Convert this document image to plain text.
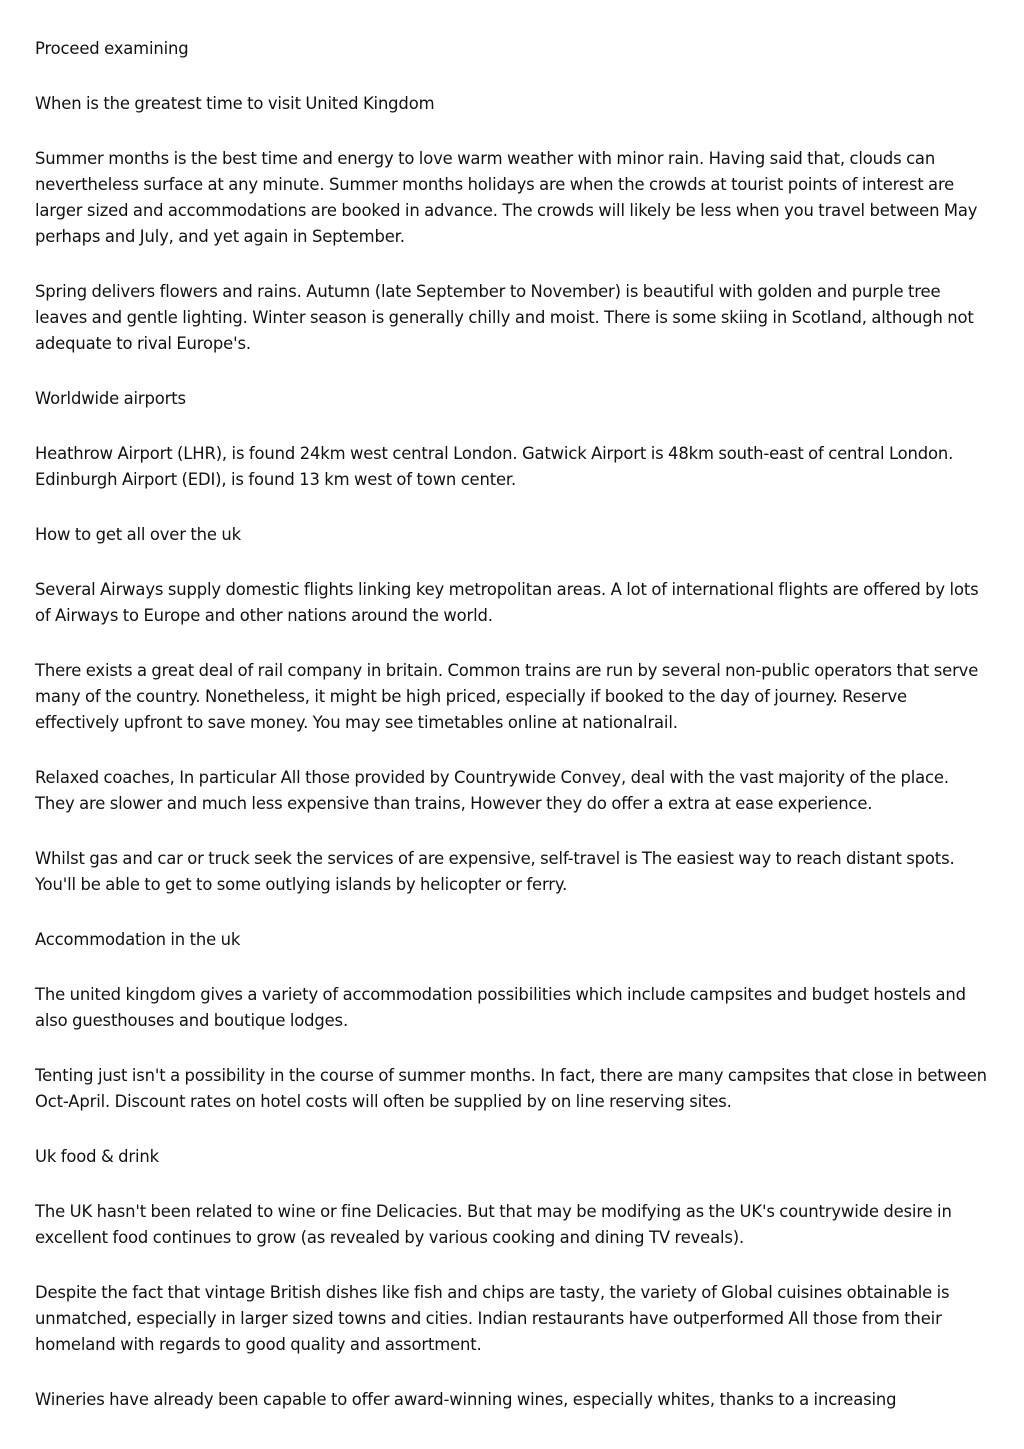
Proceed examining

When is the greatest time to visit United Kingdom

Summer months is the best time and energy to love warm weather with minor rain. Having said that, clouds can nevertheless surface at any minute. Summer months holidays are when the crowds at tourist points of interest are larger sized and accommodations are booked in advance. The crowds will likely be less when you travel between May perhaps and July, and yet again in September.

Spring delivers flowers and rains. Autumn (late September to November) is beautiful with golden and purple tree leaves and gentle lighting. Winter season is generally chilly and moist. There is some skiing in Scotland, although not adequate to rival Europe's.

Worldwide airports

Heathrow Airport (LHR), is found 24km west central London. Gatwick Airport is 48km south-east of central London. Edinburgh Airport (EDI), is found 13 km west of town center.

How to get all over the uk

Several Airways supply domestic flights linking key metropolitan areas. A lot of international flights are offered by lots of Airways to Europe and other nations around the world.

There exists a great deal of rail company in britain. Common trains are run by several non-public operators that serve many of the country. Nonetheless, it might be high priced, especially if booked to the day of journey. Reserve effectively upfront to save money. You may see timetables online at nationalrail.

Relaxed coaches, In particular All those provided by Countrywide Convey, deal with the vast majority of the place. They are slower and much less expensive than trains, However they do offer a extra at ease experience.

Whilst gas and car or truck seek the services of are expensive, self-travel is The easiest way to reach distant spots. You'll be able to get to some outlying islands by helicopter or ferry.

Accommodation in the uk

The united kingdom gives a variety of accommodation possibilities which include campsites and budget hostels and also guesthouses and boutique lodges.

Tenting just isn't a possibility in the course of summer months. In fact, there are many campsites that close in between Oct-April. Discount rates on hotel costs will often be supplied by on line reserving sites.

Uk food & drink

The UK hasn't been related to wine or fine Delicacies. But that may be modifying as the UK's countrywide desire in excellent food continues to grow (as revealed by various cooking and dining TV reveals).

Despite the fact that vintage British dishes like fish and chips are tasty, the variety of Global cuisines obtainable is unmatched, especially in larger sized towns and cities. Indian restaurants have outperformed All those from their homeland with regards to good quality and assortment.

Wineries have already been capable to offer award-winning wines, especially whites, thanks to a increasing
